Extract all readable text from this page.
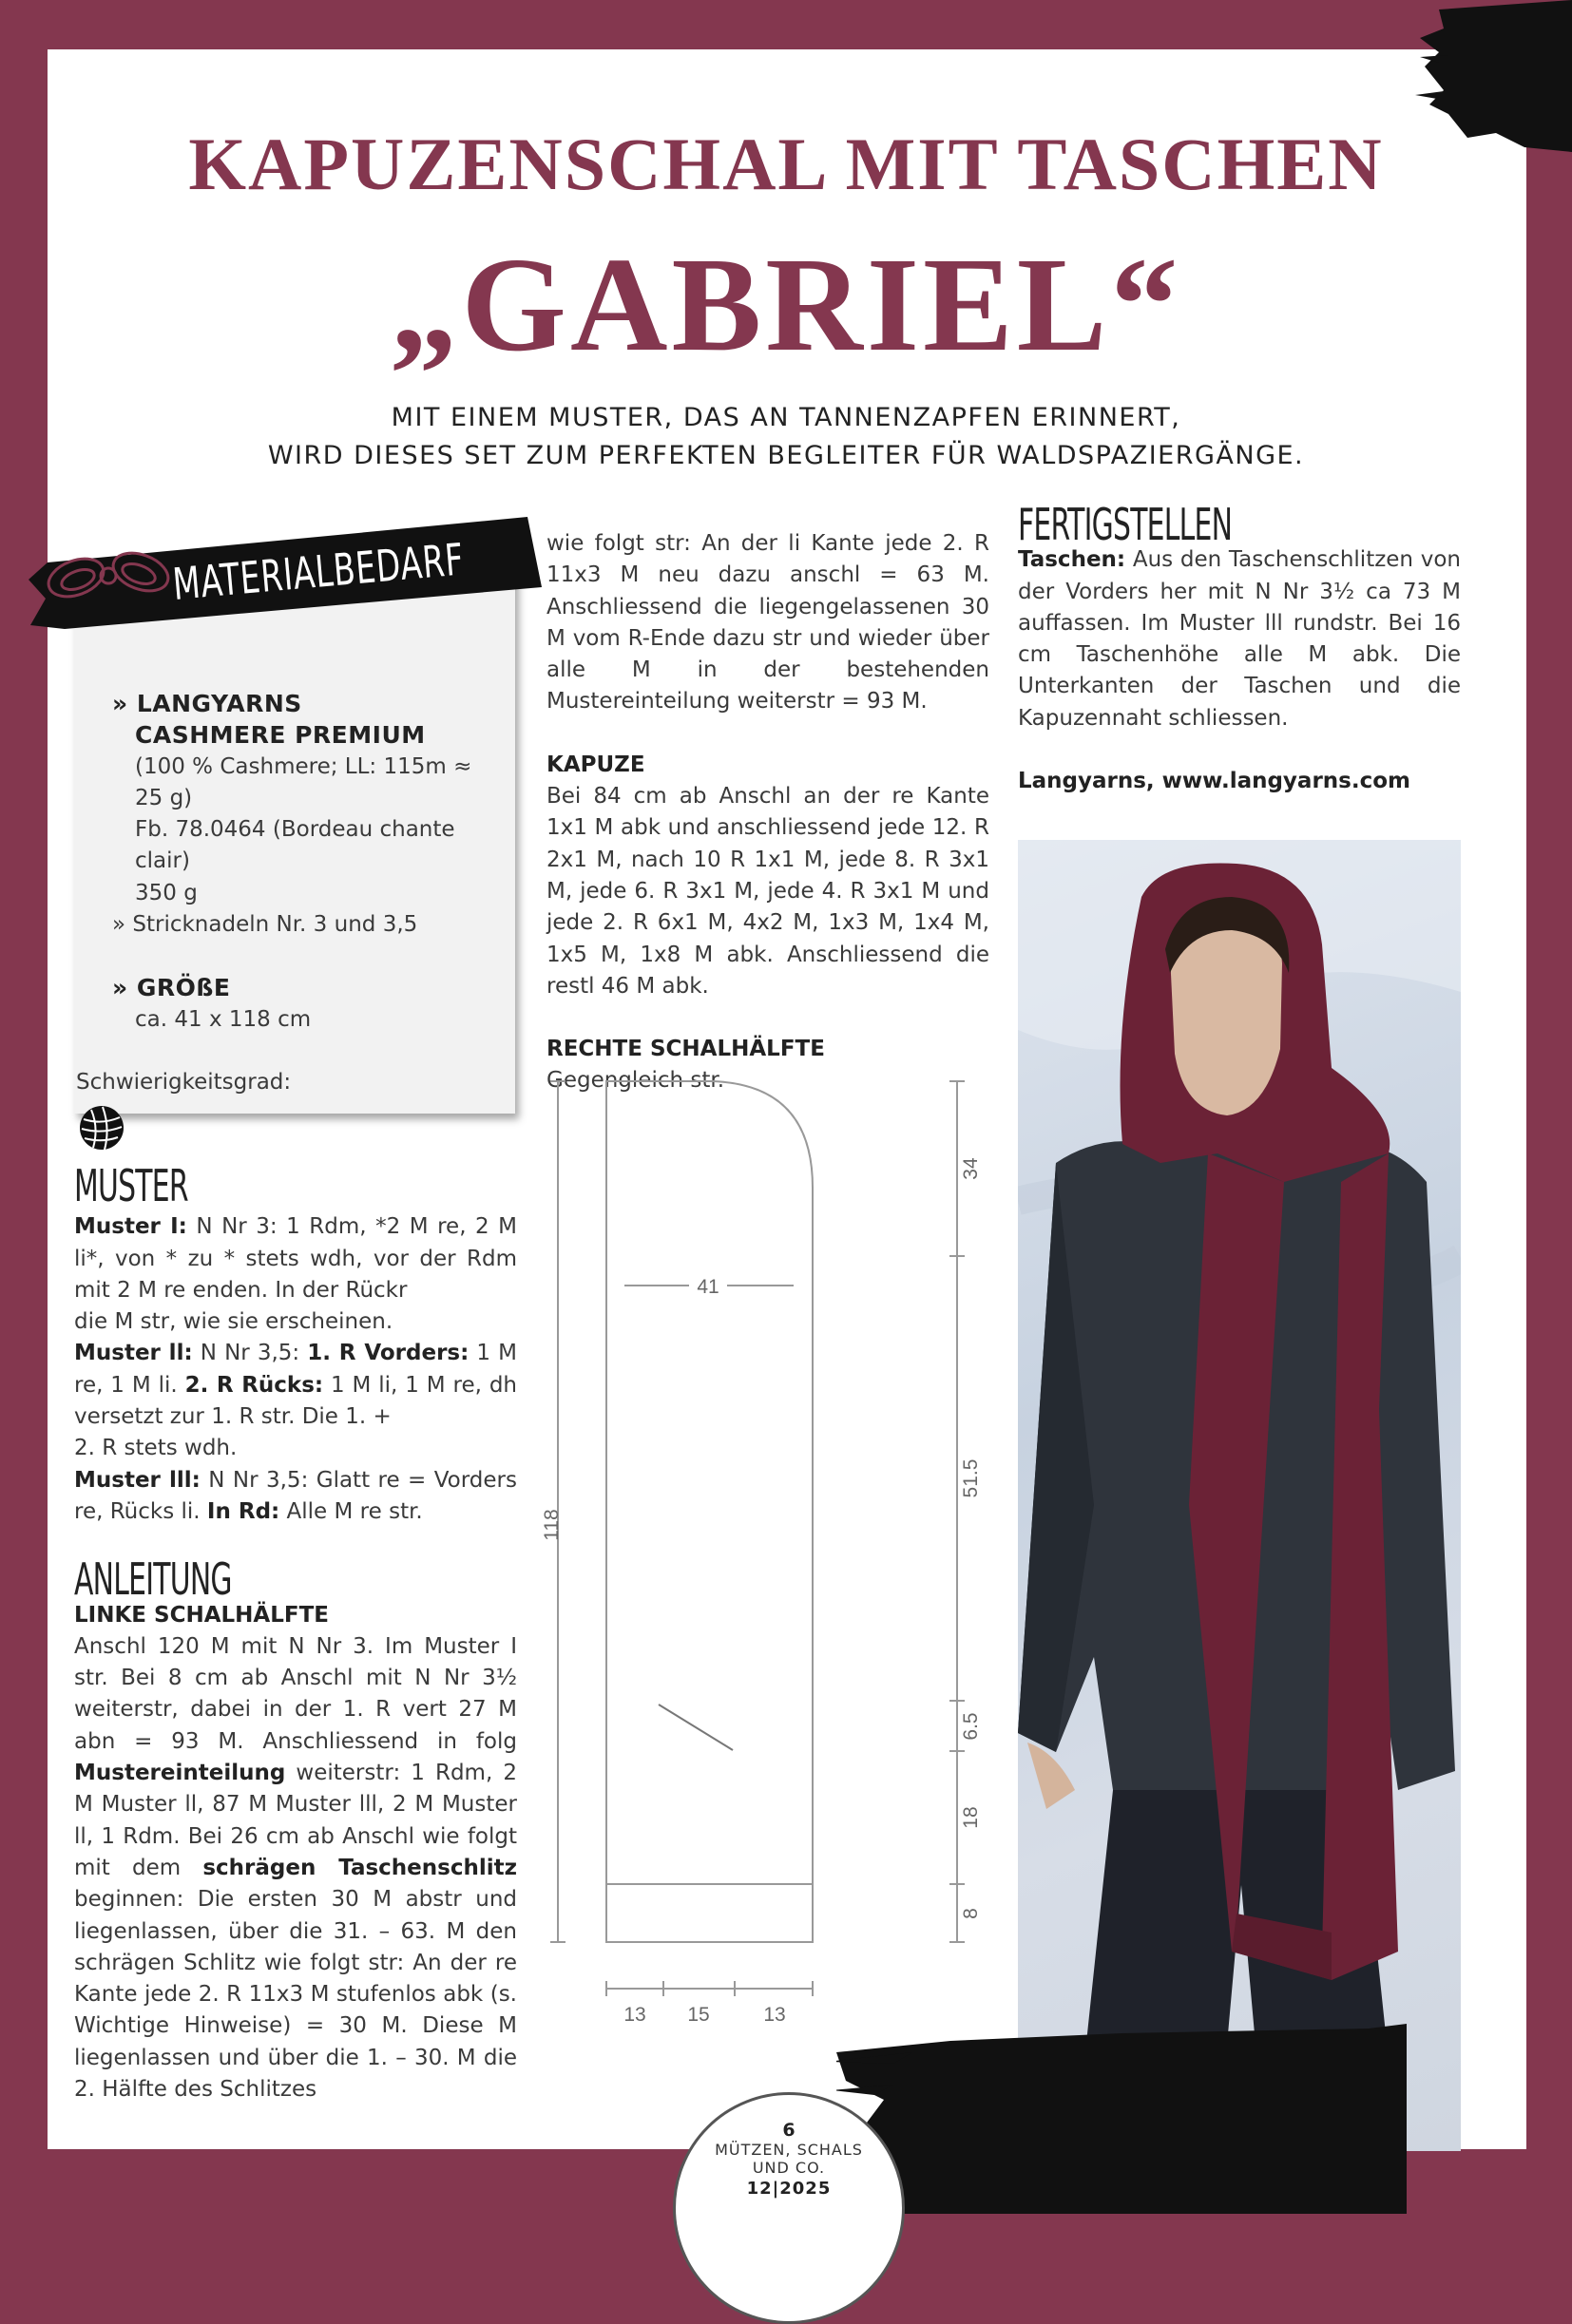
KAPUZENSCHAL MIT TASCHEN
„GABRIEL“
MIT EINEM MUSTER, DAS AN TANNENZAPFEN ERINNERT,
WIRD DIESES SET ZUM PERFEKTEN BEGLEITER FÜR WALDSPAZIERGÄNGE.
MATERIALBEDARF
» LANGYARNS
CASHMERE PREMIUM
(100 % Cashmere; LL: 115m ≈ 25 g)
Fb. 78.0464 (Bordeau chante clair)
350 g
» Stricknadeln Nr. 3 und 3,5
» GRÖßE
ca. 41 x 118 cm
Schwierigkeitsgrad:
MUSTER
Muster I: N Nr 3: 1 Rdm, *2 M re, 2 M li*, von * zu * stets wdh, vor der Rdm mit 2 M re enden. In der Rückr
die M str, wie sie erscheinen.
Muster ll: N Nr 3,5: 1. R Vorders: 1 M re, 1 M li. 2. R Rücks: 1 M li, 1 M re, dh versetzt zur 1. R str. Die 1. +
2. R stets wdh.
Muster lll: N Nr 3,5: Glatt re = Vorders re, Rücks li. In Rd: Alle M re str.
ANLEITUNG
LINKE SCHALHÄLFTE
Anschl 120 M mit N Nr 3. Im Muster I str. Bei 8 cm ab Anschl mit N Nr 3½ weiterstr, dabei in der 1. R vert 27 M abn = 93 M. Anschliessend in folg Mustereinteilung weiterstr: 1 Rdm, 2 M Muster ll, 87 M Muster lll, 2 M Muster ll, 1 Rdm. Bei 26 cm ab Anschl wie folgt mit dem schrägen Taschenschlitz beginnen: Die ersten 30 M abstr und liegenlassen, über die 31. – 63. M den schrägen Schlitz wie folgt str: An der re Kante jede 2. R 11x3 M stufenlos abk (s. Wichtige Hinweise) = 30 M. Diese M liegenlassen und über die 1. – 30. M die 2. Hälfte des Schlitzes
wie folgt str: An der li Kante jede 2. R 11x3 M neu dazu anschl = 63 M. Anschliessend die liegengelassenen 30 M vom R-Ende dazu str und wieder über alle M in der bestehenden Mustereinteilung weiterstr = 93 M.
KAPUZE
Bei 84 cm ab Anschl an der re Kante 1x1 M abk und anschliessend jede 12. R 2x1 M, nach 10 R 1x1 M, jede 8. R 3x1 M, jede 6. R 3x1 M, jede 4. R 3x1 M und jede 2. R 6x1 M, 4x2 M, 1x3 M, 1x4 M, 1x5 M, 1x8 M abk. Anschliessend die restl 46 M abk.
RECHTE SCHALHÄLFTE
Gegengleich str.
41
118
34
51.5
6.5
18
8
13 15	13
FERTIGSTELLEN
Taschen: Aus den Taschenschlitzen von der Vorders her mit N Nr 3½ ca 73 M auffassen. Im Muster lll rundstr. Bei 16 cm Taschenhöhe alle M abk. Die Unterkanten der Taschen und die Kapuzennaht schliessen.
Langyarns, www.langyarns.com
6
MÜTZEN, SCHALS
UND CO.
12|2025
